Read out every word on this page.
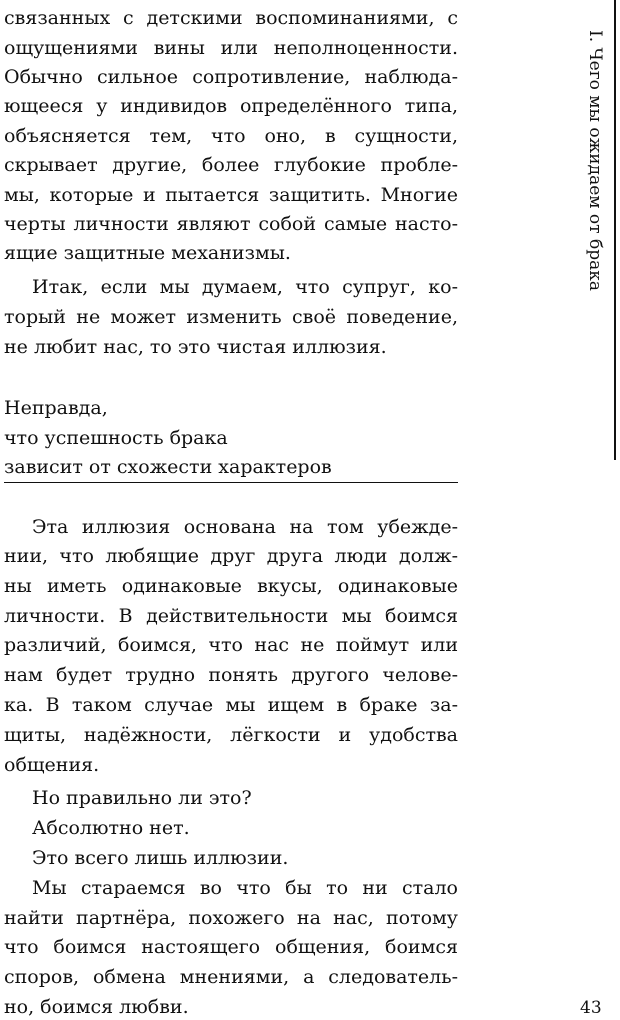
связанных с детскими воспоминаниями, с
ощущениями вины или неполноценности.
Обычно сильное сопротивление, наблюда-
ющееся у индивидов определённого типа,
объясняется тем, что оно, в сущности,
скрывает другие, более глубокие пробле-
мы, которые и пытается защитить. Многие
черты личности являют собой самые насто-
ящие защитные механизмы.
Итак, если мы думаем, что супруг, ко-
торый не может изменить своё поведение,
не любит нас, то это чистая иллюзия.
Неправда,
что успешность брака
зависит от схожести характеров
Эта иллюзия основана на том убежде-
нии, что любящие друг друга люди долж-
ны иметь одинаковые вкусы, одинаковые
личности. В действительности мы боимся
различий, боимся, что нас не поймут или
нам будет трудно понять другого челове-
ка. В таком случае мы ищем в браке за-
щиты, надёжности, лёгкости и удобства
общения.
Но правильно ли это?
Абсолютно нет.
Это всего лишь иллюзии.
Мы стараемся во что бы то ни стало
найти партнёра, похожего на нас, потому
что боимся настоящего общения, боимся
споров, обмена мнениями, а следователь-
но, боимся любви.
I. Чего мы ожидаем от брака
43
